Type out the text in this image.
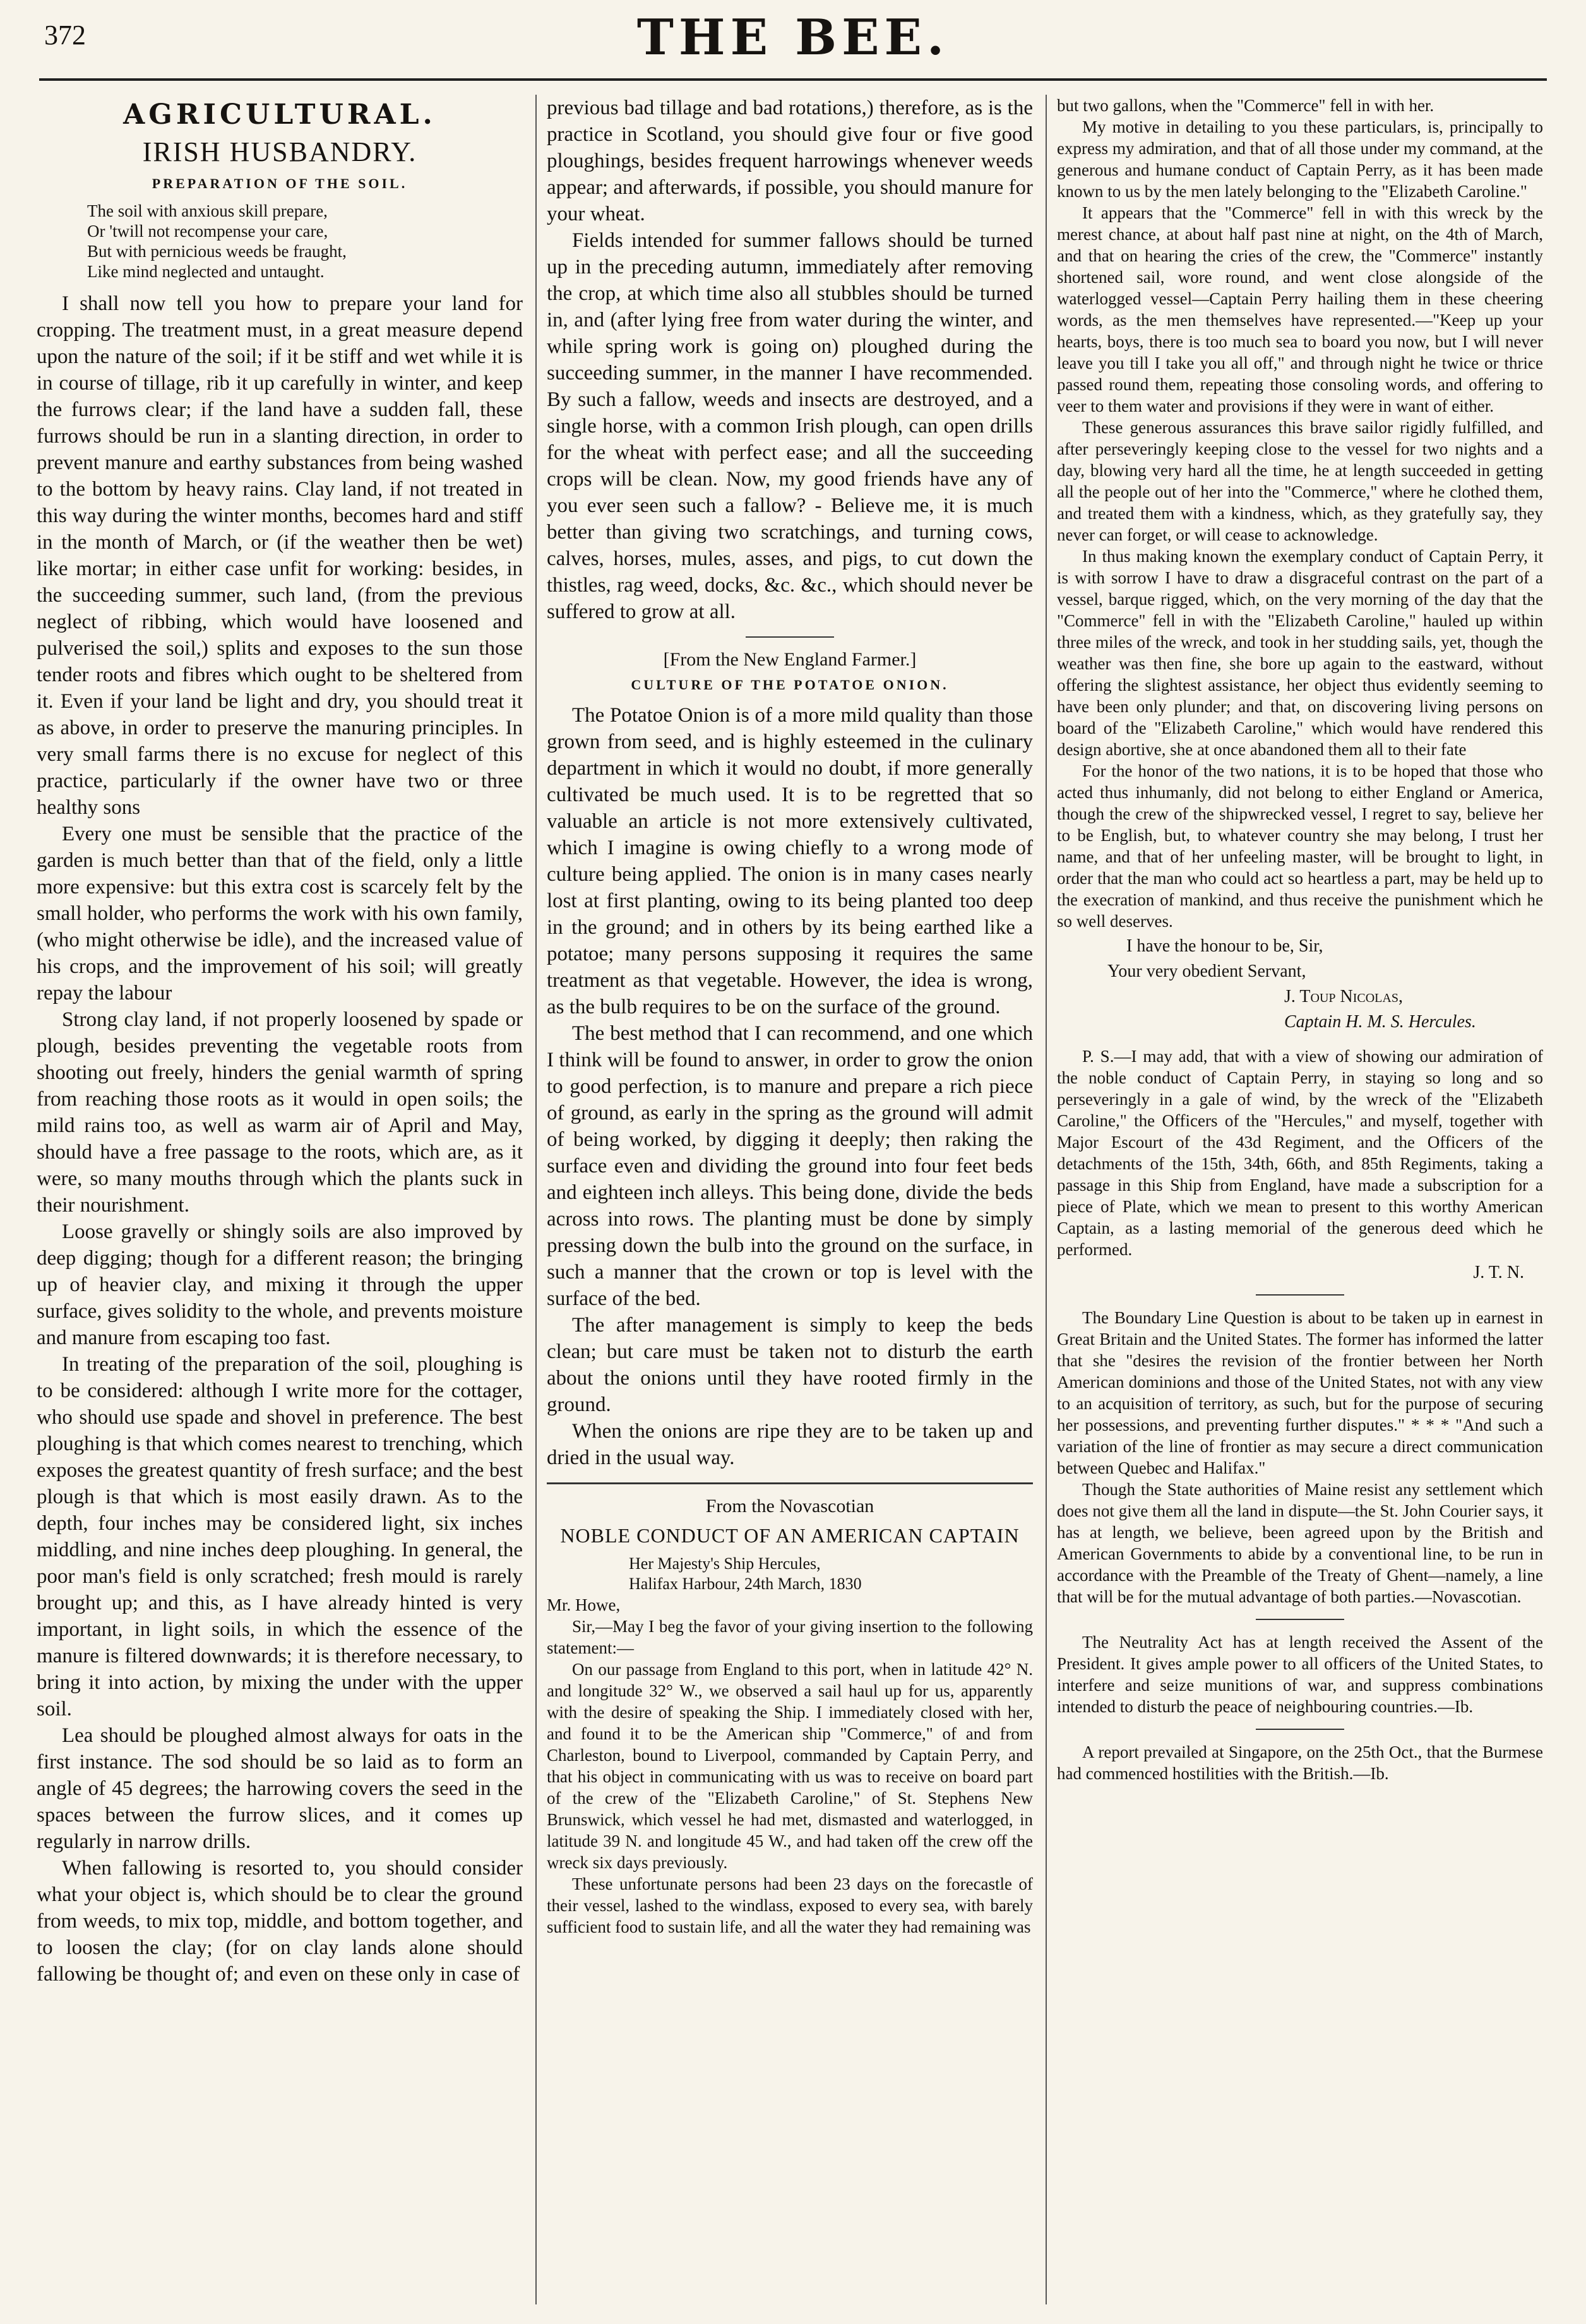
372	THE BEE.
AGRICULTURAL.
IRISH HUSBANDRY.
PREPARATION OF THE SOIL.
The soil with anxious skill prepare,
Or 'twill not recompense your care,
But with pernicious weeds be fraught,
Like mind neglected and untaught.

I shall now tell you how to prepare your land for cropping. The treatment must, in a great measure depend upon the nature of the soil; if it be stiff and wet while it is in course of tillage, rib it up carefully in winter, and keep the furrows clear; if the land have a sudden fall, these furrows should be run in a slanting direction, in order to prevent manure and earthy substances from being washed to the bottom by heavy rains. Clay land, if not treated in this way during the winter months, becomes hard and stiff in the month of March, or (if the weather then be wet) like mortar; in either case unfit for working: besides, in the succeeding summer, such land, (from the previous neglect of ribbing, which would have loosened and pulverised the soil,) splits and exposes to the sun those tender roots and fibres which ought to be sheltered from it. Even if your land be light and dry, you should treat it as above, in order to preserve the manuring principles. In very small farms there is no excuse for neglect of this practice, particularly if the owner have two or three healthy sons

Every one must be sensible that the practice of the garden is much better than that of the field, only a little more expensive: but this extra cost is scarcely felt by the small holder, who performs the work with his own family, (who might otherwise be idle), and the increased value of his crops, and the improvement of his soil; will greatly repay the labour

Strong clay land, if not properly loosened by spade or plough, besides preventing the vegetable roots from shooting out freely, hinders the genial warmth of spring from reaching those roots as it would in open soils; the mild rains too, as well as warm air of April and May, should have a free passage to the roots, which are, as it were, so many mouths through which the plants suck in their nourishment.

Loose gravelly or shingly soils are also improved by deep digging; though for a different reason; the bringing up of heavier clay, and mixing it through the upper surface, gives solidity to the whole, and prevents moisture and manure from escaping too fast.

In treating of the preparation of the soil, ploughing is to be considered: although I write more for the cottager, who should use spade and shovel in preference. The best ploughing is that which comes nearest to trenching, which exposes the greatest quantity of fresh surface; and the best plough is that which is most easily drawn. As to the depth, four inches may be considered light, six inches middling, and nine inches deep ploughing. In general, the poor man's field is only scratched; fresh mould is rarely brought up; and this, as I have already hinted is very important, in light soils, in which the essence of the manure is filtered downwards; it is therefore necessary, to bring it into action, by mixing the under with the upper soil.

Lea should be ploughed almost always for oats in the first instance. The sod should be so laid as to form an angle of 45 degrees; the harrowing covers the seed in the spaces between the furrow slices, and it comes up regularly in narrow drills.

When fallowing is resorted to, you should consider what your object is, which should be to clear the ground from weeds, to mix top, middle, and bottom together, and to loosen the clay; (for on clay lands alone should fallowing be thought of; and even on these only in case of

previous bad tillage and bad rotations,) therefore, as is the practice in Scotland, you should give four or five good ploughings, besides frequent harrowings whenever weeds appear; and afterwards, if possible, you should manure for your wheat.

Fields intended for summer fallows should be turned up in the preceding autumn, immediately after removing the crop, at which time also all stubbles should be turned in, and (after lying free from water during the winter, and while spring work is going on) ploughed during the succeeding summer, in the manner I have recommended. By such a fallow, weeds and insects are destroyed, and a single horse, with a common Irish plough, can open drills for the wheat with perfect ease; and all the succeeding crops will be clean. Now, my good friends have any of you ever seen such a fallow? - Believe me, it is much better than giving two scratchings, and turning cows, calves, horses, mules, asses, and pigs, to cut down the thistles, rag weed, docks, &c. &c., which should never be suffered to grow at all.

[From the New England Farmer.]
CULTURE OF THE POTATOE ONION.

The Potatoe Onion is of a more mild quality than those grown from seed, and is highly esteemed in the culinary department in which it would no doubt, if more generally cultivated be much used. It is to be regretted that so valuable an article is not more extensively cultivated, which I imagine is owing chiefly to a wrong mode of culture being applied. The onion is in many cases nearly lost at first planting, owing to its being planted too deep in the ground; and in others by its being earthed like a potatoe; many persons supposing it requires the same treatment as that vegetable. However, the idea is wrong, as the bulb requires to be on the surface of the ground.

The best method that I can recommend, and one which I think will be found to answer, in order to grow the onion to good perfection, is to manure and prepare a rich piece of ground, as early in the spring as the ground will admit of being worked, by digging it deeply; then raking the surface even and dividing the ground into four feet beds and eighteen inch alleys. This being done, divide the beds across into rows. The planting must be done by simply pressing down the bulb into the ground on the surface, in such a manner that the crown or top is level with the surface of the bed.

The after management is simply to keep the beds clean; but care must be taken not to disturb the earth about the onions until they have rooted firmly in the ground.

When the onions are ripe they are to be taken up and dried in the usual way.

From the Novascotian
NOBLE CONDUCT OF AN AMERICAN CAPTAIN
Her Majesty's Ship Hercules,
Halifax Harbour, 24th March, 1830

Mr. Howe,

Sir,—May I beg the favor of your giving insertion to the following statement:—

On our passage from England to this port, when in latitude 42° N. and longitude 32° W., we observed a sail haul up for us, apparently with the desire of speaking the Ship. I immediately closed with her, and found it to be the American ship "Commerce," of and from Charleston, bound to Liverpool, commanded by Captain Perry, and that his object in communicating with us was to receive on board part of the crew of the "Elizabeth Caroline," of St. Stephens New Brunswick, which vessel he had met, dismasted and waterlogged, in latitude 39 N. and longitude 45 W., and had taken off the crew off the wreck six days previously.

These unfortunate persons had been 23 days on the forecastle of their vessel, lashed to the windlass, exposed to every sea, with barely sufficient food to sustain life, and all the water they had remaining was

but two gallons, when the "Commerce" fell in with her.

My motive in detailing to you these particulars, is, principally to express my admiration, and that of all those under my command, at the generous and humane conduct of Captain Perry, as it has been made known to us by the men lately belonging to the "Elizabeth Caroline."

It appears that the "Commerce" fell in with this wreck by the merest chance, at about half past nine at night, on the 4th of March, and that on hearing the cries of the crew, the "Commerce" instantly shortened sail, wore round, and went close alongside of the waterlogged vessel—Captain Perry hailing them in these cheering words, as the men themselves have represented.—"Keep up your hearts, boys, there is too much sea to board you now, but I will never leave you till I take you all off," and through night he twice or thrice passed round them, repeating those consoling words, and offering to veer to them water and provisions if they were in want of either.

These generous assurances this brave sailor rigidly fulfilled, and after perseveringly keeping close to the vessel for two nights and a day, blowing very hard all the time, he at length succeeded in getting all the people out of her into the "Commerce," where he clothed them, and treated them with a kindness, which, as they gratefully say, they never can forget, or will cease to acknowledge.

In thus making known the exemplary conduct of Captain Perry, it is with sorrow I have to draw a disgraceful contrast on the part of a vessel, barque rigged, which, on the very morning of the day that the "Commerce" fell in with the "Elizabeth Caroline," hauled up within three miles of the wreck, and took in her studding sails, yet, though the weather was then fine, she bore up again to the eastward, without offering the slightest assistance, her object thus evidently seeming to have been only plunder; and that, on discovering living persons on board of the "Elizabeth Caroline," which would have rendered this design abortive, she at once abandoned them all to their fate

For the honor of the two nations, it is to be hoped that those who acted thus inhumanly, did not belong to either England or America, though the crew of the shipwrecked vessel, I regret to say, believe her to be English, but, to whatever country she may belong, I trust her name, and that of her unfeeling master, will be brought to light, in order that the man who could act so heartless a part, may be held up to the execration of mankind, and thus receive the punishment which he so well deserves.

I have the honour to be, Sir,
Your very obedient Servant,
J. Toup Nicolas,
Captain H. M. S. Hercules.

P. S.—I may add, that with a view of showing our admiration of the noble conduct of Captain Perry, in staying so long and so perseveringly in a gale of wind, by the wreck of the "Elizabeth Caroline," the Officers of the "Hercules," and myself, together with Major Escourt of the 43d Regiment, and the Officers of the detachments of the 15th, 34th, 66th, and 85th Regiments, taking a passage in this Ship from England, have made a subscription for a piece of Plate, which we mean to present to this worthy American Captain, as a lasting memorial of the generous deed which he performed.

J. T. N.

The Boundary Line Question is about to be taken up in earnest in Great Britain and the United States. The former has informed the latter that she "desires the revision of the frontier between her North American dominions and those of the United States, not with any view to an acquisition of territory, as such, but for the purpose of securing her possessions, and preventing further disputes." * * * "And such a variation of the line of frontier as may secure a direct communication between Quebec and Halifax."

Though the State authorities of Maine resist any settlement which does not give them all the land in dispute—the St. John Courier says, it has at length, we believe, been agreed upon by the British and American Governments to abide by a conventional line, to be run in accordance with the Preamble of the Treaty of Ghent—namely, a line that will be for the mutual advantage of both parties.—Novascotian.

The Neutrality Act has at length received the Assent of the President. It gives ample power to all officers of the United States, to interfere and seize munitions of war, and suppress combinations intended to disturb the peace of neighbouring countries.—Ib.

A report prevailed at Singapore, on the 25th Oct., that the Burmese had commenced hostilities with the British.—Ib.
